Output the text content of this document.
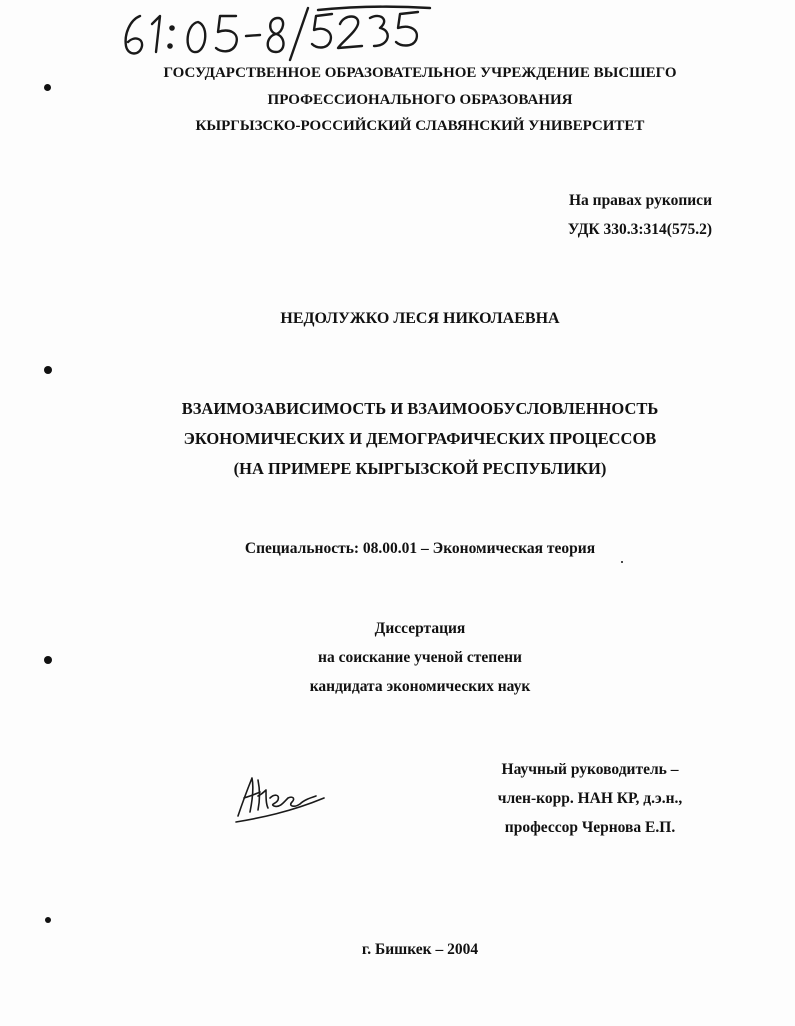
ГОСУДАРСТВЕННОЕ ОБРАЗОВАТЕЛЬНОЕ УЧРЕЖДЕНИЕ ВЫСШЕГО
ПРОФЕССИОНАЛЬНОГО ОБРАЗОВАНИЯ
КЫРГЫЗСКО-РОССИЙСКИЙ СЛАВЯНСКИЙ УНИВЕРСИТЕТ
На правах рукописи
УДК 330.3:314(575.2)
НЕДОЛУЖКО ЛЕСЯ НИКОЛАЕВНА
ВЗАИМОЗАВИСИМОСТЬ И ВЗАИМООБУСЛОВЛЕННОСТЬ
ЭКОНОМИЧЕСКИХ И ДЕМОГРАФИЧЕСКИХ ПРОЦЕССОВ
(НА ПРИМЕРЕ КЫРГЫЗСКОЙ РЕСПУБЛИКИ)
Специальность: 08.00.01 – Экономическая теория
Диссертация
на соискание ученой степени
кандидата экономических наук
Научный руководитель –
член-корр. НАН КР, д.э.н.,
профессор Чернова Е.П.
г. Бишкек – 2004
